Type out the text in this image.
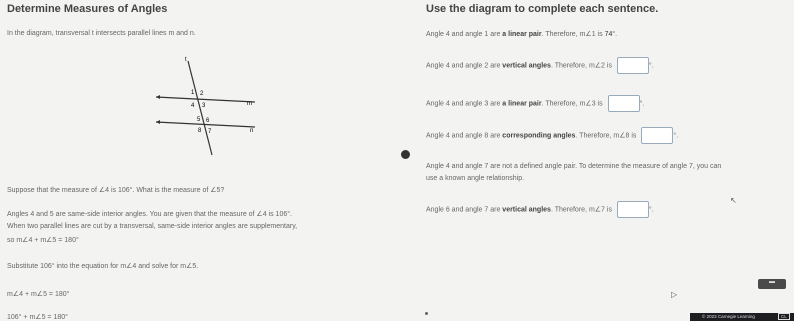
Determine Measures of Angles
In the diagram, transversal t intersects parallel lines m and n.
t
m
n
1 2
4 3
5 6
8 7
Suppose that the measure of ∠4 is 106°. What is the measure of ∠5?
Angles 4 and 5 are same-side interior angles. You are given that the measure of ∠4 is 106°.
When two parallel lines are cut by a transversal, same-side interior angles are supplementary,
so m∠4 + m∠5 = 180°
Substitute 106° into the equation for m∠4 and solve for m∠5.
m∠4 + m∠5 = 180°
106° + m∠5 = 180°
Use the diagram to complete each sentence.
Angle 4 and angle 1 are a linear pair. Therefore, m∠1 is 74°.
Angle 4 and angle 2 are vertical angles. Therefore, m∠2 is	°.
Angle 4 and angle 3 are a linear pair. Therefore, m∠3 is	°.
Angle 4 and angle 8 are corresponding angles. Therefore, m∠8 is	°.
Angle 4 and angle 7 are not a defined angle pair. To determine the measure of angle 7, you can
use a known angle relationship.
Angle 6 and angle 7 are vertical angles. Therefore, m∠7 is	°.
↖
▬
▷
© 2023 Carnegie Learning	CL
